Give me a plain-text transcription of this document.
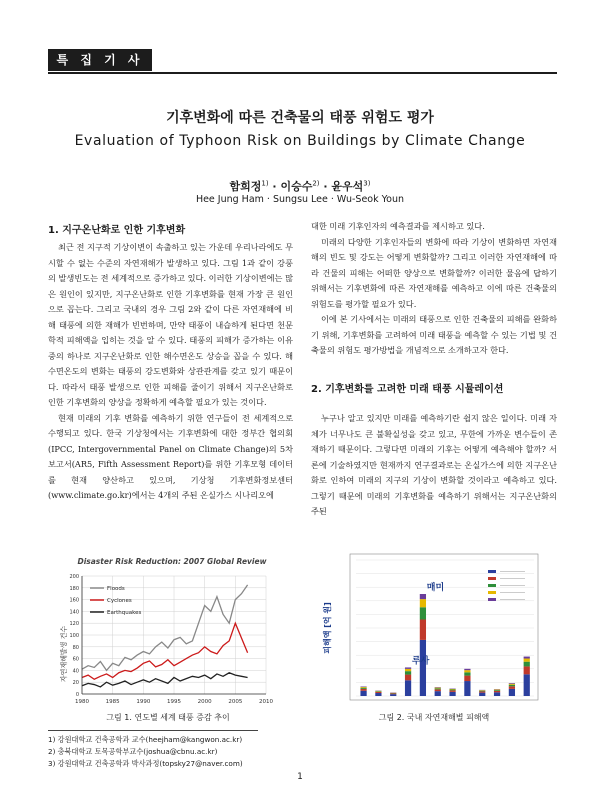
특 집 기 사
기후변화에 따른 건축물의 태풍 위험도 평가
Evaluation of Typhoon Risk on Buildings by Climate Change
함희정$^{1)}$ · 이승수$^{2)}$ · 윤우석$^{3)}$
Hee Jung Ham · Sungsu Lee · Wu-Seok Youn
1. 지구온난화로 인한 기후변화

최근 전 지구적 기상이변이 속출하고 있는 가운데 우리나라에도 무시할 수 없는 수준의 자연재해가 발생하고 있다. 그림 1과 같이 강풍의 발생빈도는 전 세계적으로 증가하고 있다. 이러한 기상이변에는 많은 원인이 있지만, 지구온난화로 인한 기후변화를 현재 가장 큰 원인으로 꼽는다. 그리고 국내의 경우 그림 2와 같이 다른 자연재해에 비해 태풍에 의한 재해가 빈번하며, 만약 태풍이 내습하게 된다면 천문학적 피해액을 입히는 것을 알 수 있다. 태풍의 피해가 증가하는 이유 중의 하나로 지구온난화로 인한 해수면온도 상승을 꼽을 수 있다. 해수면온도의 변화는 태풍의 강도변화와 상관관계를 갖고 있기 때문이다. 따라서 태풍 발생으로 인한 피해를 줄이기 위해서 지구온난화로 인한 기후변화의 양상을 정확하게 예측할 필요가 있는 것이다.

현재 미래의 기후 변화를 예측하기 위한 연구들이 전 세계적으로 수행되고 있다. 한국 기상청에서는 기후변화에 대한 정부간 협의회(IPCC, Intergovernmental Panel on Climate Change)의 5차보고서(AR5, Fifth Assessment Report)를 위한 기후모형 데이터를 현재 양산하고 있으며, 기상청 기후변화정보센터(www.climate.go.kr)에서는 4개의 주된 온실가스 시나리오에

대한 미래 기후인자의 예측결과를 제시하고 있다.

미래의 다양한 기후인자들의 변화에 따라 기상이 변화하면 자연재해의 빈도 및 강도는 어떻게 변화할까? 그리고 이러한 자연재해에 따라 건물의 피해는 어떠한 양상으로 변화할까? 이러한 물음에 답하기 위해서는 기후변화에 따른 자연재해를 예측하고 이에 따른 건축물의 위험도를 평가할 필요가 있다.

이에 본 기사에서는 미래의 태풍으로 인한 건축물의 피해를 완화하기 위해, 기후변화를 고려하여 미래 태풍을 예측할 수 있는 기법 및 건축물의 위험도 평가방법을 개념적으로 소개하고자 한다.

2. 기후변화를 고려한 미래 태풍 시뮬레이션

누구나 알고 있지만 미래를 예측하기란 쉽지 않은 일이다. 미래 자체가 너무나도 큰 불확실성을 갖고 있고, 무한에 가까운 변수들이 존재하기 때문이다. 그렇다면 미래의 기후는 어떻게 예측해야 할까? 서론에 기술하였지만 현재까지 연구결과로는 온실가스에 의한 지구온난화로 인하여 미래의 지구의 기상이 변화할 것이라고 예측하고 있다. 그렇기 때문에 미래의 기후변화를 예측하기 위해서는 지구온난화의 주된

Disaster Risk Reduction: 2007 Global Review
0
20
40
60
80
100
120
140
160
180
200
1980	1985	1990	1995	2000	2005	2010
자연재해발생 건수
Floods
Cyclones
Earthquakes
그림 1. 연도별 세계 태풍 증감 추이
루사
매미
피해액 [억 원]
그림 2. 국내 자연재해별 피해액
1) 강원대학교 건축공학과 교수(heejham@kangwon.ac.kr)
2) 충북대학교 토목공학부교수(joshua@cbnu.ac.kr)
3) 강원대학교 건축공학과 박사과정(topsky27@naver.com)
1
